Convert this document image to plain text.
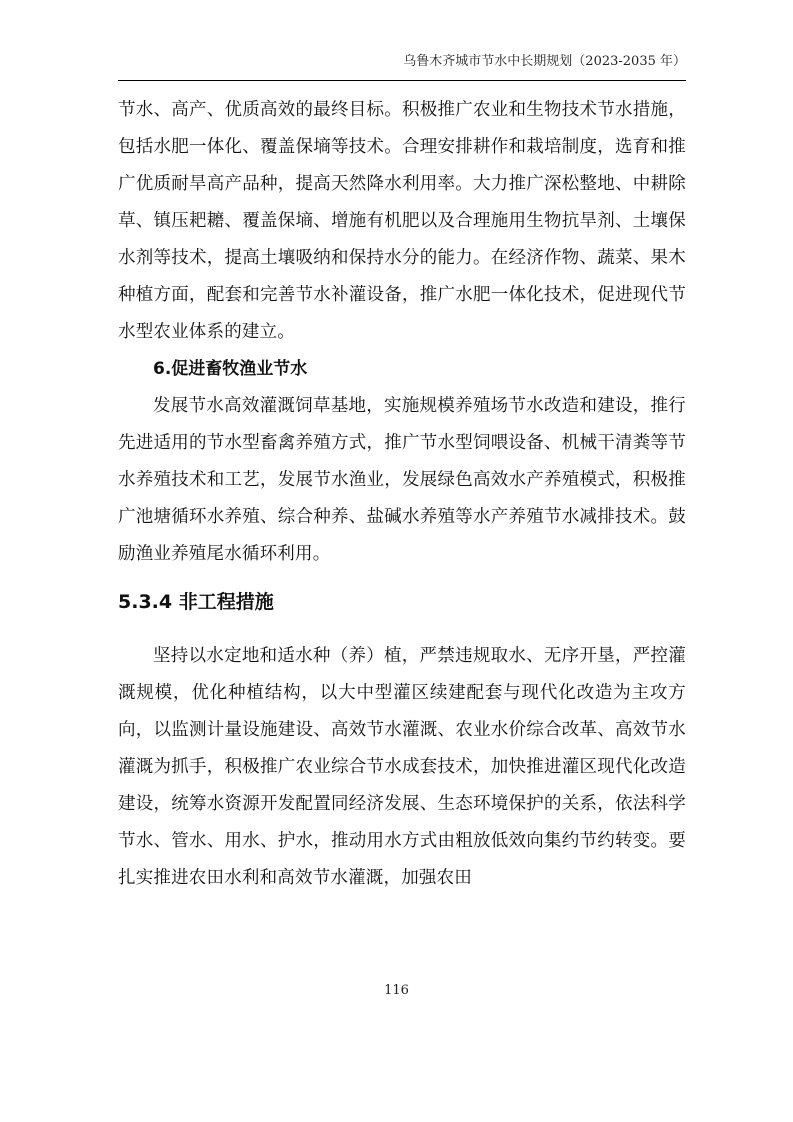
乌鲁木齐城市节水中长期规划（2023-2035 年）

节水、高产、优质高效的最终目标。积极推广农业和生物技术节水措施，包括水肥一体化、覆盖保墒等技术。合理安排耕作和栽培制度，选育和推广优质耐旱高产品种，提高天然降水利用率。大力推广深松整地、中耕除草、镇压耙耱、覆盖保墒、增施有机肥以及合理施用生物抗旱剂、土壤保水剂等技术，提高土壤吸纳和保持水分的能力。在经济作物、蔬菜、果木种植方面，配套和完善节水补灌设备，推广水肥一体化技术，促进现代节水型农业体系的建立。

6.促进畜牧渔业节水

发展节水高效灌溉饲草基地，实施规模养殖场节水改造和建设，推行先进适用的节水型畜禽养殖方式，推广节水型饲喂设备、机械干清粪等节水养殖技术和工艺，发展节水渔业，发展绿色高效水产养殖模式，积极推广池塘循环水养殖、综合种养、盐碱水养殖等水产养殖节水减排技术。鼓励渔业养殖尾水循环利用。

5.3.4 非工程措施

坚持以水定地和适水种（养）植，严禁违规取水、无序开垦，严控灌溉规模，优化种植结构，以大中型灌区续建配套与现代化改造为主攻方向，以监测计量设施建设、高效节水灌溉、农业水价综合改革、高效节水灌溉为抓手，积极推广农业综合节水成套技术，加快推进灌区现代化改造建设，统筹水资源开发配置同经济发展、生态环境保护的关系，依法科学节水、管水、用水、护水，推动用水方式由粗放低效向集约节约转变。要扎实推进农田水利和高效节水灌溉，加强农田

116
